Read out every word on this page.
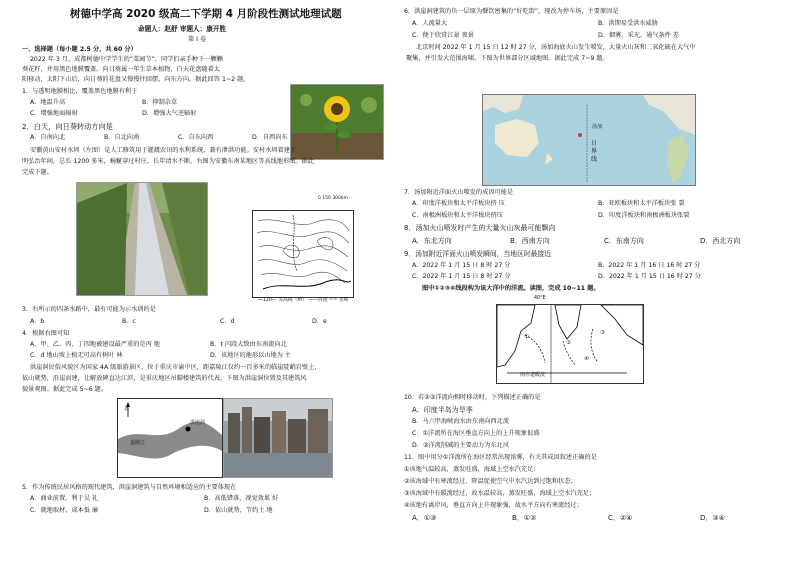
树德中学高 2020 级高二下学期 4 月阶段性测试地理试题
命题人：赵舒 审题人：康开胜
第 I 卷
一、选择题（每小题 2.5 分，共 60 分）
2022 年 3 月，成都树德中学学生的“菜园节”，同学们亲手种下一颗颗
葵花籽，并用黑色地膜覆盖。向日葵属一年生草本植物，白天花盘随着太
阳移动，太阳下山后，向日葵的花盘又慢慢往回摆，向东方向。据此回答 1~2 题。
1．与透明地膜相比，覆盖黑色地膜有利于
A．地温升高	B．抑制杂草
C．增强地面辐射	D．增强大气逆辐射
2．白天，向日葵转动方向是
A．自南向北	B．自北向南	C．自东向西	D．自西向东
安徽黄山安村水圳（左图）是人工修筑用于灌溉农田的水利系统，兼有泄洪功能。安村水圳着建于
明弘治年间，总长 1200 多米，蜿蜒穿过村庄，长年清水不断。右图为安徽东南某地区等高线地形图。据此
完成下题。
0 150 300km
—120— 等高线（m） ——河流 ~~ 水圳
3．右所示的四条水路中，最有可能为示水圳的是
A．b	B．c	C．d	D．e
4．根据右图可知
A．甲、乙、丙、丁四地被建设最严重的是丙 地	B．t 闪段大致由东南流向北
C．d 地山坡上植无可高有树叶 林	D．该地区的地形以山地为 主
洪崖洞民俗风貌区为国家 4A 级旅游景区，位于重庆市渝中区，距嘉陵江仅约一百多米的临崖陡峭岩壁上，
依山就势，沿崖而建，让解放碑直达江滨，是重庆地区吊脚楼建筑的代表。下图为洪崖洞位置及其建筑风
貌景观图。据此完成 5~6 题。
北
嘉陵江
洪崖洞
5．作为传统民居风格的现代建筑，洪崖洞建筑与自然环境相适应的主要体现在
A．商业前置，利于吴 礼	B．高低错落，视觉效果 好
C．就地取材，成本低 廉	D．依山就势，节约土 地
6．洪崖洞建筑的负一层原为餐饮密集的“好吃街”，现改为停车场，主要原因是
A．人流量大	B．洪期易受洪水威胁
C．便于欣赏江景 夜景	D．烟雾、采光、通气条件 差
北京时间 2022 年 1 月 15 日 12 时 27 分，汤加海底火山发生喷发，大量火山灰和二氧化硫在大气中
聚集，并引发大范围海啸。下图为世界部分区域地图。据此完成 7~9 题。
汤加
日界线
7．汤加附近洋面火山喷发的成因可能是
A．印度洋板块和太平洋板块挤 压	B．亚欧板块和太平洋板块张 裂
C．南极洲板块和太平洋板块挤压	D．印度洋板块和南极洲板块张裂
8．汤加火山喷发时产生的大量火山灰最可能飘向
A．东北方向	B．西南方向	C．东南方向	D．西北方向
9．汤加附近洋面火山喷发瞬间，当地区时最接近
A．2022 年 1 月 15 日 8 时 27 分	B．2022 年 1 月 16 日 16 时 27 分
C．2022 年 1 月 15 日 8 时 27 分	D．2022 年 1 月 15 日 16 时 27 分
图中①②③④线段构为该大洋中的洋流。读图，完成 10~11 题。
40°E
南赤道暖流
①
②
③
④
10．若②③洋流向相时移动时，下列描述正确的是
A．印度半岛为旱季
B．马六甲海峡海水由东南向西北流
C．①洋流所在海区垂直方向上的上升现象很盛
D．②洋流削减的主要动力为东北风
11．图中用分①洋流所在海区经常出现浓雾，有关其成因叙述正确的是
①该地气温较高，蒸发旺盛，海域上空水汽充足；
②该海域中有寒流经过，降温促使空气中水汽达到过饱和状态；
③该海域中有暖流经过，故水温较高，蒸发旺盛，海域上空水汽充足；
④该地有离岸风，垂直方向上升现象强，故水平方向有寒流经过；
A．①③	B．①②	C．②④	D．③④
